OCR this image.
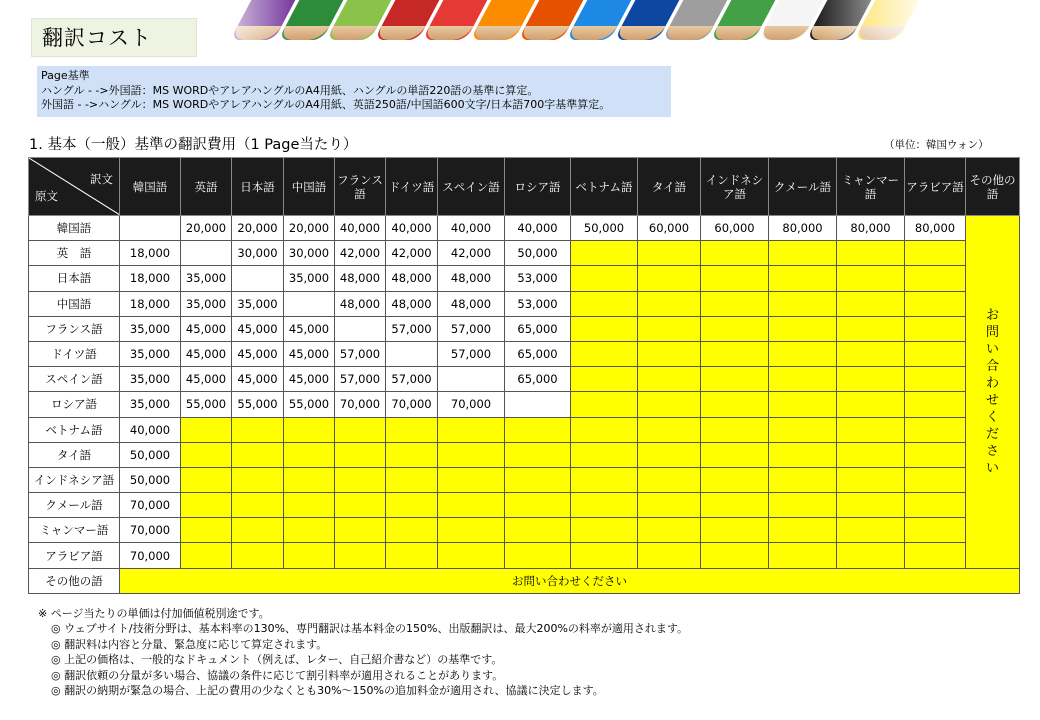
翻訳コスト
Page基準
ハングル - ->外国語：MS WORDやアレアハングルのA4用紙、ハングルの単語220語の基準に算定。
外国語 - ->ハングル：MS WORDやアレアハングルのA4用紙、英語250語/中国語600文字/日本語700字基準算定。
1. 基本（一般）基準の翻訳費用（1 Page当たり）	（単位：韓国ウォン）
訳文
原文	韓国語	英語	日本語	中国語	フランス語	ドイツ語	スペイン語	ロシア語	ベトナム語	タイ語	インドネシア語	クメール語	ミャンマー語	アラビア語	その他の語
韓国語		20,000	20,000	20,000	40,000	40,000	40,000	40,000	50,000	60,000	60,000	80,000	80,000	80,000	お問い合わせください
英　語	18,000		30,000	30,000	42,000	42,000	42,000	50,000							
日本語	18,000	35,000		35,000	48,000	48,000	48,000	53,000							
中国語	18,000	35,000	35,000		48,000	48,000	48,000	53,000							
フランス語	35,000	45,000	45,000	45,000		57,000	57,000	65,000							
ドイツ語	35,000	45,000	45,000	45,000	57,000		57,000	65,000							
スペイン語	35,000	45,000	45,000	45,000	57,000	57,000		65,000							
ロシア語	35,000	55,000	55,000	55,000	70,000	70,000	70,000								
ベトナム語	40,000														
タイ語	50,000														
インドネシア語	50,000														
クメール語	70,000														
ミャンマー語	70,000														
アラビア語	70,000														
その他の語	お問い合わせください														
※ ページ当たりの単価は付加価値税別途です。
◎ ウェブサイト/技術分野は、基本料率の130%、専門翻訳は基本料金の150%、出版翻訳は、最大200%の料率が適用されます。
◎ 翻訳料は内容と分量、緊急度に応じて算定されます。
◎ 上記の価格は、一般的なドキュメント（例えば、レター、自己紹介書など）の基準です。
◎ 翻訳依頼の分量が多い場合、協議の条件に応じて割引料率が適用されることがあります。
◎ 翻訳の納期が緊急の場合、上記の費用の少なくとも30%～150%の追加料金が適用され、協議に決定します。
